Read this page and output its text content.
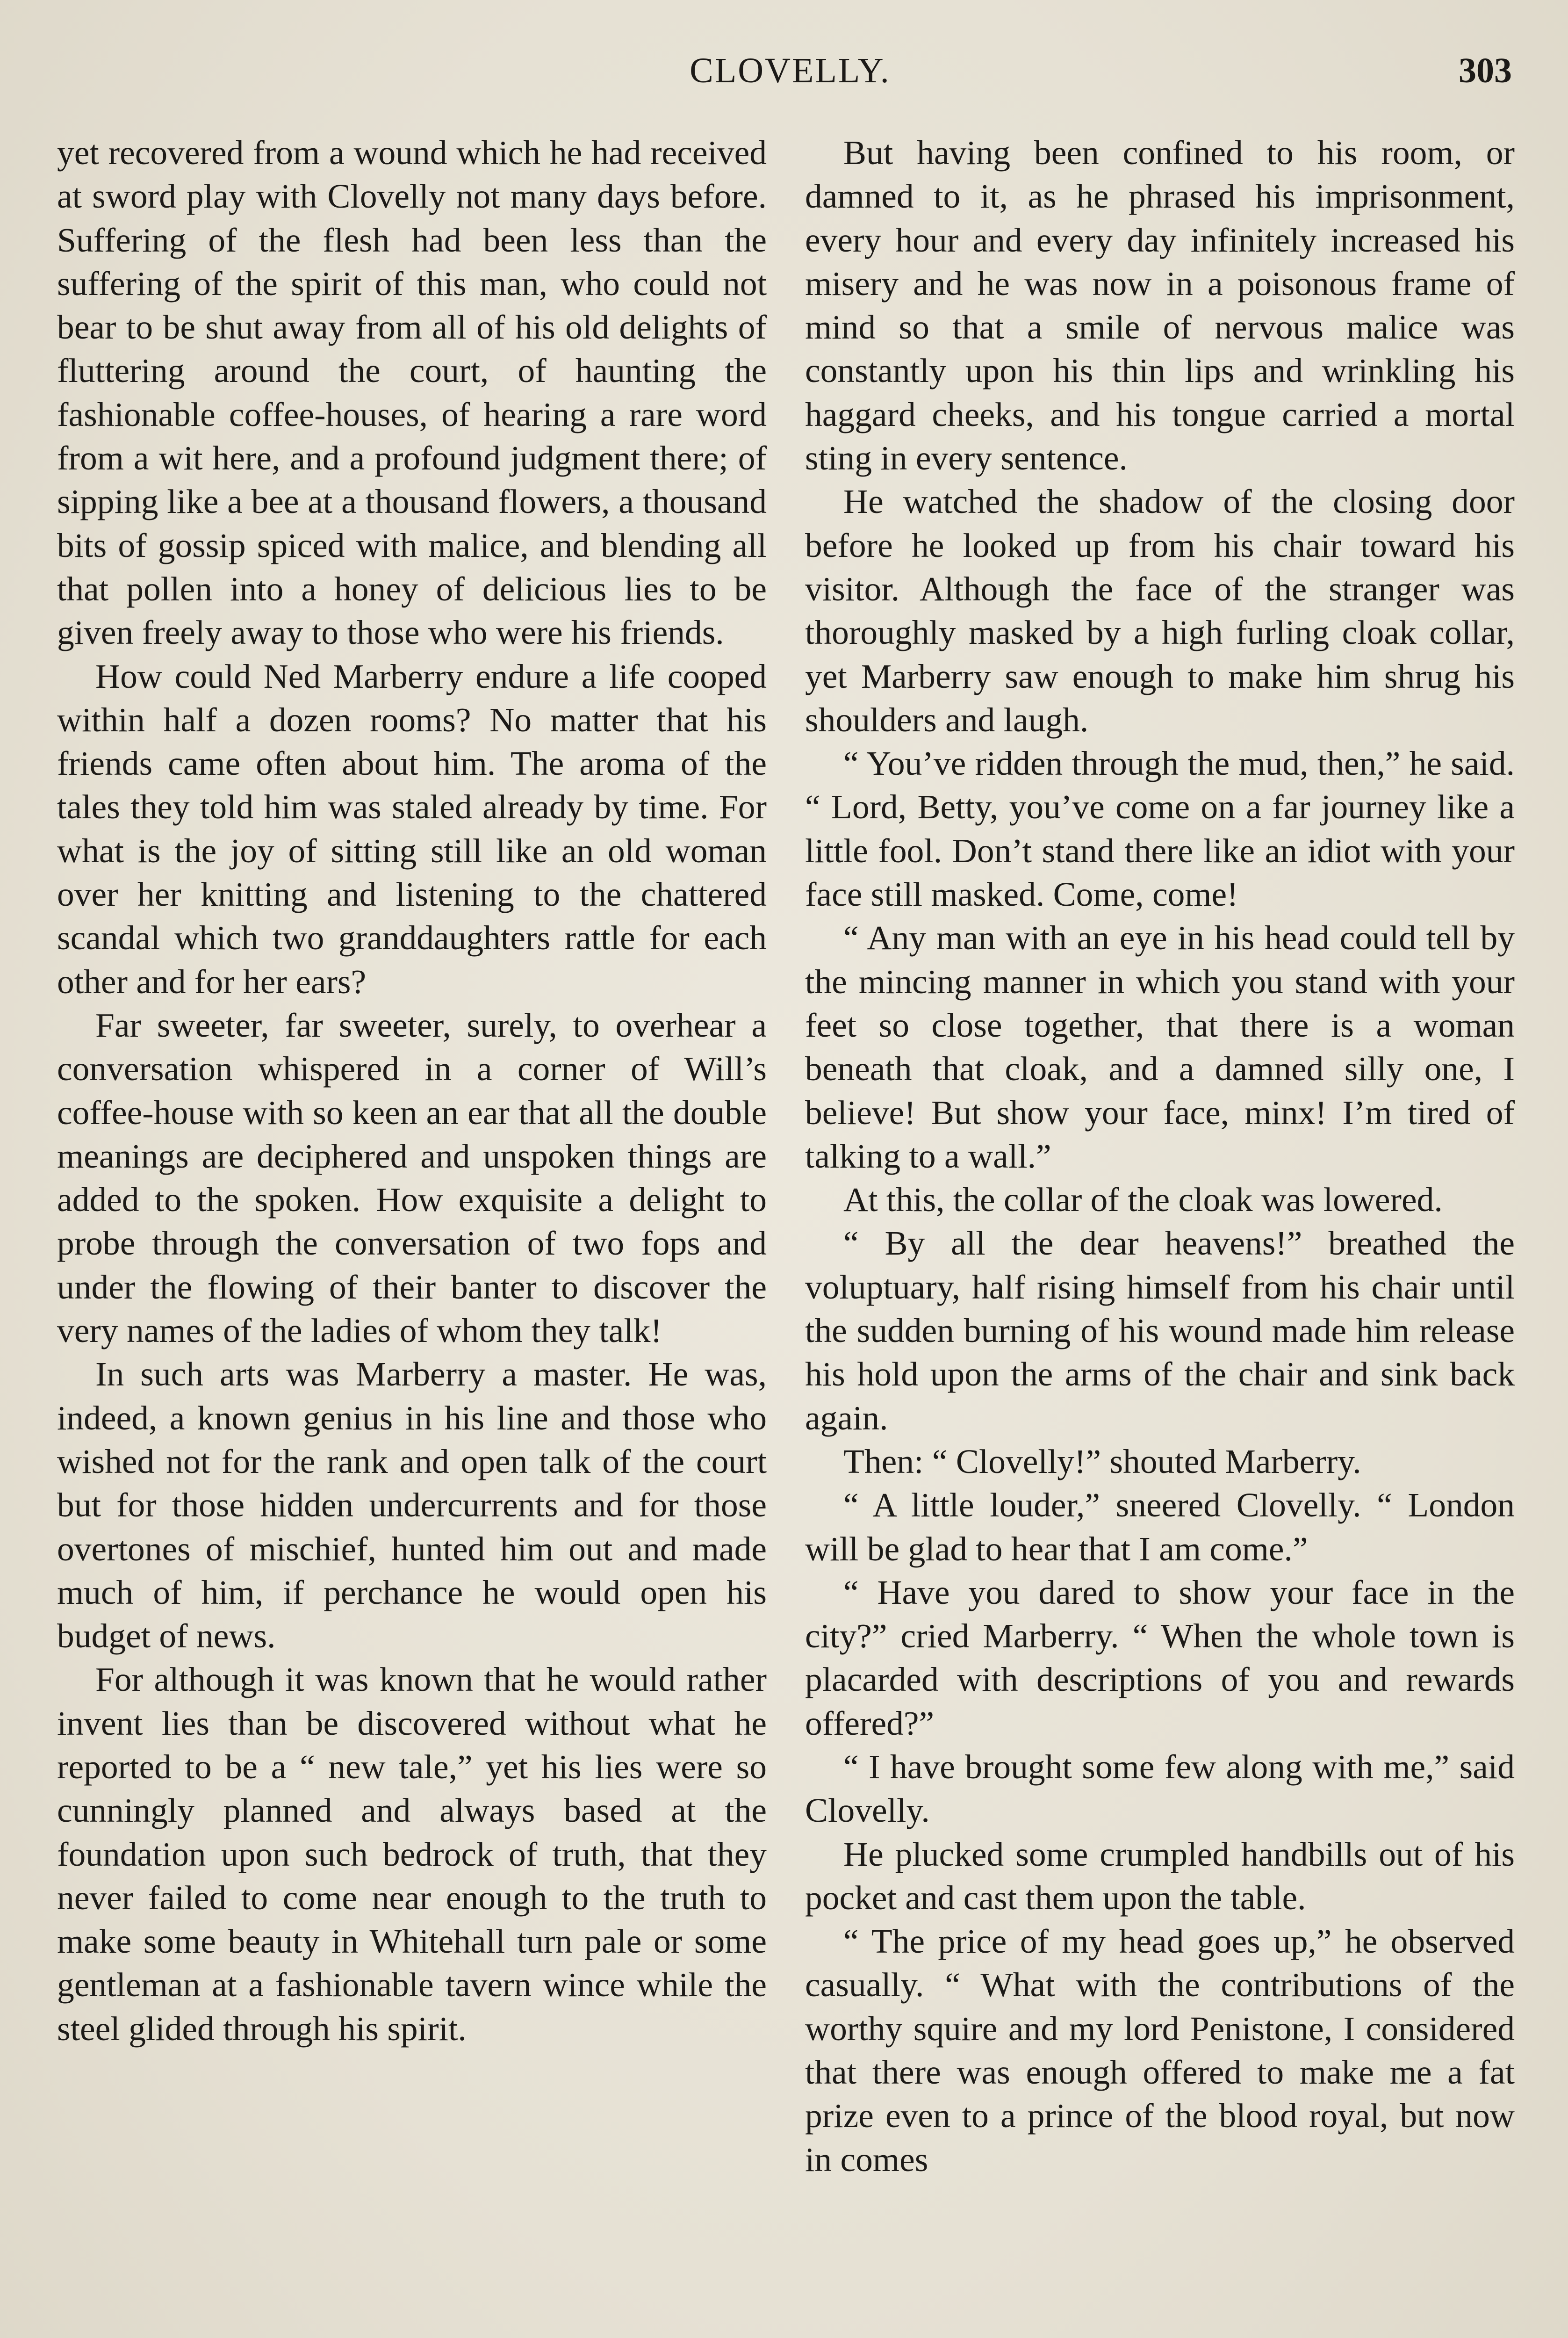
CLOVELLY.	303

yet recovered from a wound which he had received at sword play with Clovelly not many days before. Suffering of the flesh had been less than the suffering of the spirit of this man, who could not bear to be shut away from all of his old delights of fluttering around the court, of haunting the fashionable coffee-houses, of hearing a rare word from a wit here, and a profound judgment there; of sipping like a bee at a thousand flowers, a thousand bits of gossip spiced with malice, and blending all that pollen into a honey of delicious lies to be given freely away to those who were his friends.

How could Ned Marberry endure a life cooped within half a dozen rooms? No matter that his friends came often about him. The aroma of the tales they told him was staled already by time. For what is the joy of sitting still like an old woman over her knitting and listening to the chattered scandal which two granddaughters rattle for each other and for her ears?

Far sweeter, far sweeter, surely, to overhear a conversation whispered in a corner of Will’s coffee-house with so keen an ear that all the double meanings are deciphered and unspoken things are added to the spoken. How exquisite a delight to probe through the conversation of two fops and under the flowing of their banter to discover the very names of the ladies of whom they talk!

In such arts was Marberry a master. He was, indeed, a known genius in his line and those who wished not for the rank and open talk of the court but for those hidden undercurrents and for those overtones of mischief, hunted him out and made much of him, if perchance he would open his budget of news.

For although it was known that he would rather invent lies than be discovered without what he reported to be a “ new tale,” yet his lies were so cunningly planned and always based at the foundation upon such bedrock of truth, that they never failed to come near enough to the truth to make some beauty in Whitehall turn pale or some gentleman at a fashionable tavern wince while the steel glided through his spirit.

But having been confined to his room, or damned to it, as he phrased his imprisonment, every hour and every day infinitely increased his misery and he was now in a poisonous frame of mind so that a smile of nervous malice was constantly upon his thin lips and wrinkling his haggard cheeks, and his tongue carried a mortal sting in every sentence.

He watched the shadow of the closing door before he looked up from his chair toward his visitor. Although the face of the stranger was thoroughly masked by a high furling cloak collar, yet Marberry saw enough to make him shrug his shoulders and laugh.

“ You’ve ridden through the mud, then,” he said. “ Lord, Betty, you’ve come on a far journey like a little fool. Don’t stand there like an idiot with your face still masked. Come, come!

“ Any man with an eye in his head could tell by the mincing manner in which you stand with your feet so close together, that there is a woman beneath that cloak, and a damned silly one, I believe! But show your face, minx! I’m tired of talking to a wall.”

At this, the collar of the cloak was lowered.

“ By all the dear heavens!” breathed the voluptuary, half rising himself from his chair until the sudden burning of his wound made him release his hold upon the arms of the chair and sink back again.

Then: “ Clovelly!” shouted Marberry.

“ A little louder,” sneered Clovelly. “ London will be glad to hear that I am come.”

“ Have you dared to show your face in the city?” cried Marberry. “ When the whole town is placarded with descriptions of you and rewards offered?”

“ I have brought some few along with me,” said Clovelly.

He plucked some crumpled handbills out of his pocket and cast them upon the table.

“ The price of my head goes up,” he observed casually. “ What with the contributions of the worthy squire and my lord Penistone, I considered that there was enough offered to make me a fat prize even to a prince of the blood royal, but now in comes
